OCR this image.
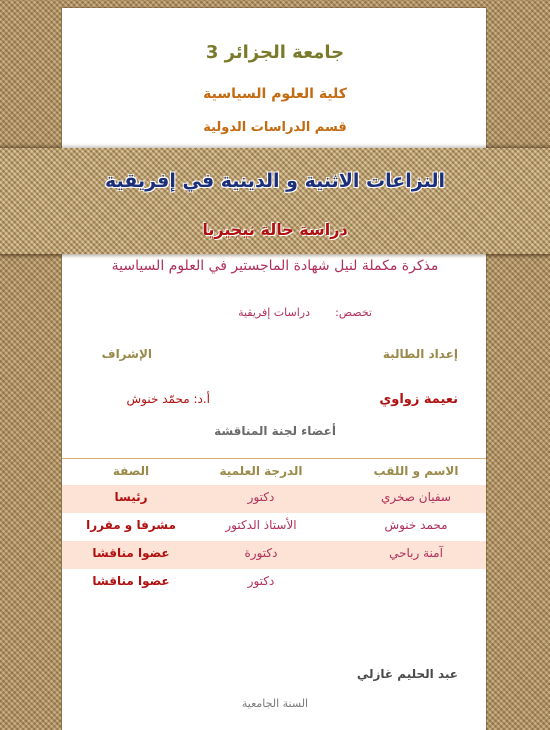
جامعة الجزائر 3
كلية العلوم السياسية
قسم الدراسات الدولية
النزاعات الاثنية و الدينية في إفريقية
دراسة حالة نيجيريا
مذكرة مكملة لنيل شهادة الماجستير في العلوم السياسية
تخصص:
دراسات إفريقية
إعداد الطالبة
الإشراف
نعيمة زواوي
أ.د: محمّد خنوش
أعضاء لجنة المناقشة
الاسم و اللقب
الدرجة العلمية
الصفة
سفيان صخري
دكتور
رئيسا
محمد خنوش
الأستاذ الدكتور
مشرفا و مقررا
آمنة رباحي
دكتورة
عضوا مناقشا
دكتور
عضوا مناقشا
عبد الحليم غازلي
السنة الجامعية
